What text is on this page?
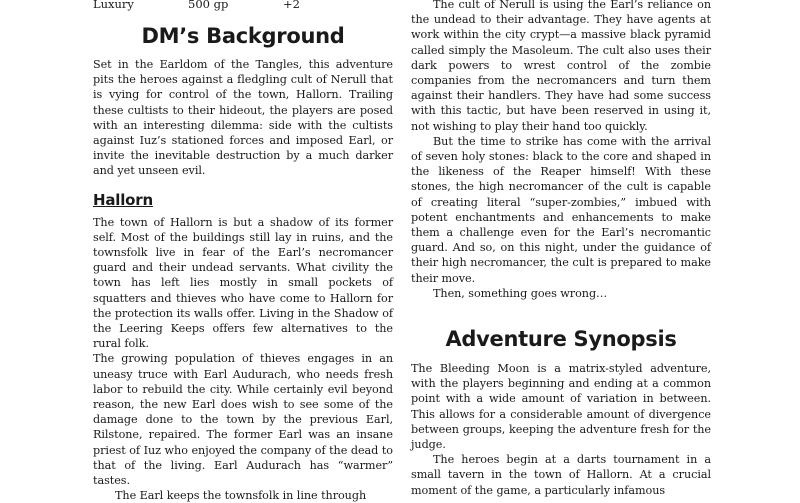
Luxury	500 gp	+2
DM’s Background

Set in the Earldom of the Tangles, this adventure pits the heroes against a fledgling cult of Nerull that is vying for control of the town, Hallorn. Trailing these cultists to their hideout, the players are posed with an interesting dilemma: side with the cultists against Iuz’s stationed forces and imposed Earl, or invite the inevitable destruction by a much darker and yet unseen evil.

Hallorn

The town of Hallorn is but a shadow of its former self. Most of the buildings still lay in ruins, and the townsfolk live in fear of the Earl’s necromancer guard and their undead servants. What civility the town has left lies mostly in small pockets of squatters and thieves who have come to Hallorn for the protection its walls offer. Living in the Shadow of the Leering Keeps offers few alternatives to the rural folk.

The growing population of thieves engages in an uneasy truce with Earl Audurach, who needs fresh labor to rebuild the city. While certainly evil beyond reason, the new Earl does wish to see some of the damage done to the town by the previous Earl, Rilstone, repaired. The former Earl was an insane priest of Iuz who enjoyed the company of the dead to that of the living. Earl Audurach has “warmer” tastes.

The Earl keeps the townsfolk in line through

The cult of Nerull is using the Earl’s reliance on the undead to their advantage. They have agents at work within the city crypt—a massive black pyramid called simply the Masoleum. The cult also uses their dark powers to wrest control of the zombie companies from the necromancers and turn them against their handlers. They have had some success with this tactic, but have been reserved in using it, not wishing to play their hand too quickly.

But the time to strike has come with the arrival of seven holy stones: black to the core and shaped in the likeness of the Reaper himself! With these stones, the high necromancer of the cult is capable of creating literal “super-zombies,” imbued with potent enchantments and enhancements to make them a challenge even for the Earl’s necromantic guard. And so, on this night, under the guidance of their high necromancer, the cult is prepared to make their move.

Then, something goes wrong…

Adventure Synopsis

The Bleeding Moon is a matrix-styled adventure, with the players beginning and ending at a common point with a wide amount of variation in between. This allows for a considerable amount of divergence between groups, keeping the adventure fresh for the judge.

The heroes begin at a darts tournament in a small tavern in the town of Hallorn. At a crucial moment of the game, a particularly infamous
